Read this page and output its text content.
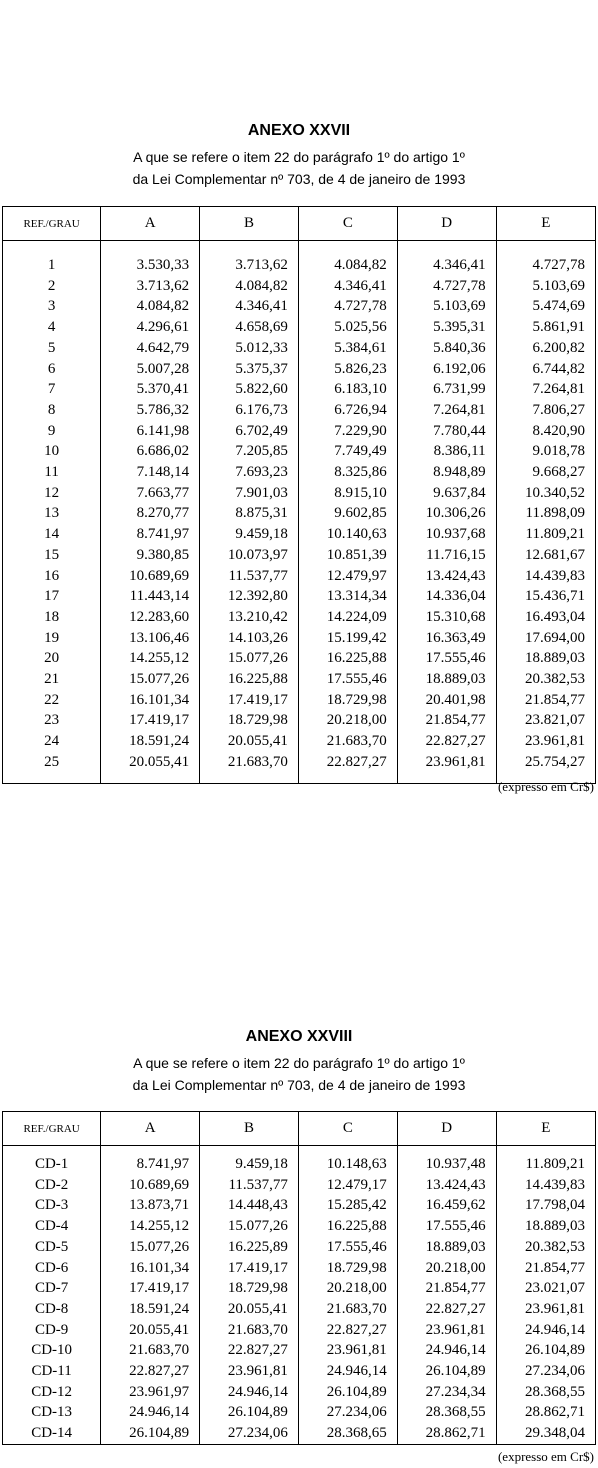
ANEXO XXVII
A que se refere o item 22 do parágrafo 1º do artigo 1º
da Lei Complementar nº 703, de 4 de janeiro de 1993
REF./GRAU	A	B	C	D	E

1	3.530,33	3.713,62	4.084,82	4.346,41	4.727,78
2	3.713,62	4.084,82	4.346,41	4.727,78	5.103,69
3	4.084,82	4.346,41	4.727,78	5.103,69	5.474,69
4	4.296,61	4.658,69	5.025,56	5.395,31	5.861,91
5	4.642,79	5.012,33	5.384,61	5.840,36	6.200,82
6	5.007,28	5.375,37	5.826,23	6.192,06	6.744,82
7	5.370,41	5.822,60	6.183,10	6.731,99	7.264,81
8	5.786,32	6.176,73	6.726,94	7.264,81	7.806,27
9	6.141,98	6.702,49	7.229,90	7.780,44	8.420,90
10	6.686,02	7.205,85	7.749,49	8.386,11	9.018,78
11	7.148,14	7.693,23	8.325,86	8.948,89	9.668,27
12	7.663,77	7.901,03	8.915,10	9.637,84	10.340,52
13	8.270,77	8.875,31	9.602,85	10.306,26	11.898,09
14	8.741,97	9.459,18	10.140,63	10.937,68	11.809,21
15	9.380,85	10.073,97	10.851,39	11.716,15	12.681,67
16	10.689,69	11.537,77	12.479,97	13.424,43	14.439,83
17	11.443,14	12.392,80	13.314,34	14.336,04	15.436,71
18	12.283,60	13.210,42	14.224,09	15.310,68	16.493,04
19	13.106,46	14.103,26	15.199,42	16.363,49	17.694,00
20	14.255,12	15.077,26	16.225,88	17.555,46	18.889,03
21	15.077,26	16.225,88	17.555,46	18.889,03	20.382,53
22	16.101,34	17.419,17	18.729,98	20.401,98	21.854,77
23	17.419,17	18.729,98	20.218,00	21.854,77	23.821,07
24	18.591,24	20.055,41	21.683,70	22.827,27	23.961,81
25	20.055,41	21.683,70	22.827,27	23.961,81	25.754,27

(expresso em Cr$)
ANEXO XXVIII
A que se refere o item 22 do parágrafo 1º do artigo 1º
da Lei Complementar nº 703, de 4 de janeiro de 1993
REF./GRAU	A	B	C	D	E

CD-1	8.741,97	9.459,18	10.148,63	10.937,48	11.809,21
CD-2	10.689,69	11.537,77	12.479,17	13.424,43	14.439,83
CD-3	13.873,71	14.448,43	15.285,42	16.459,62	17.798,04
CD-4	14.255,12	15.077,26	16.225,88	17.555,46	18.889,03
CD-5	15.077,26	16.225,89	17.555,46	18.889,03	20.382,53
CD-6	16.101,34	17.419,17	18.729,98	20.218,00	21.854,77
CD-7	17.419,17	18.729,98	20.218,00	21.854,77	23.021,07
CD-8	18.591,24	20.055,41	21.683,70	22.827,27	23.961,81
CD-9	20.055,41	21.683,70	22.827,27	23.961,81	24.946,14
CD-10	21.683,70	22.827,27	23.961,81	24.946,14	26.104,89
CD-11	22.827,27	23.961,81	24.946,14	26.104,89	27.234,06
CD-12	23.961,97	24.946,14	26.104,89	27.234,34	28.368,55
CD-13	24.946,14	26.104,89	27.234,06	28.368,55	28.862,71
CD-14	26.104,89	27.234,06	28.368,65	28.862,71	29.348,04
(expresso em Cr$)
